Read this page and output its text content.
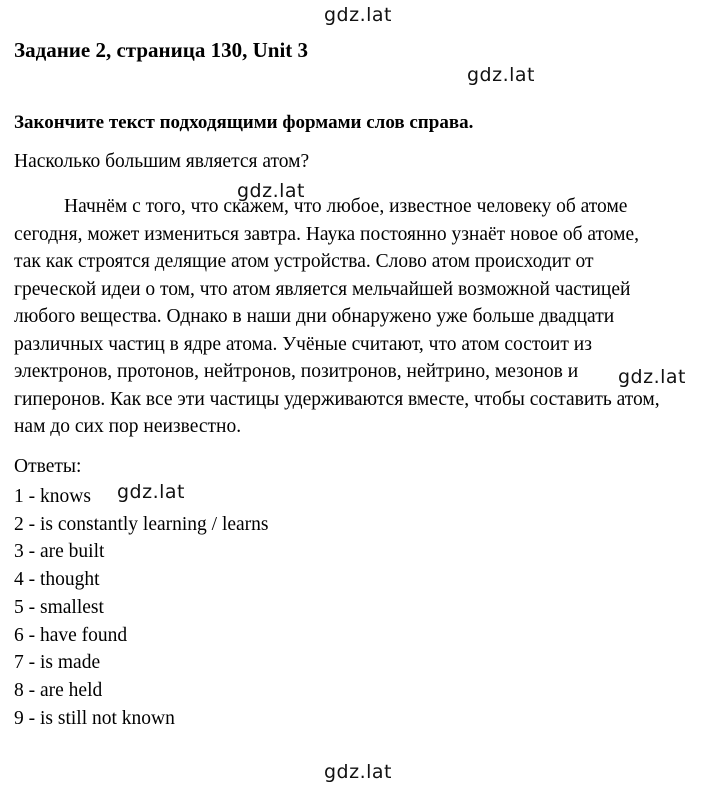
gdz.lat
gdz.lat
gdz.lat
gdz.lat
gdz.lat
gdz.lat
Задание 2, страница 130, Unit 3

Закончите текст подходящими формами слов справа.

Насколько большим является атом?

Начнём с того, что скажем, что любое, известное человеку об атоме
сегодня, может измениться завтра. Наука постоянно узнаёт новое об атоме,
так как строятся делящие атом устройства. Слово атом происходит от
греческой идеи о том, что атом является мельчайшей возможной частицей
любого вещества. Однако в наши дни обнаружено уже больше двадцати
различных частиц в ядре атома. Учёные считают, что атом состоит из
электронов, протонов, нейтронов, позитронов, нейтрино, мезонов и
гиперонов. Как все эти частицы удерживаются вместе, чтобы составить атом,
нам до сих пор неизвестно.

Ответы:

1 - knows
2 - is constantly learning / learns
3 - are built
4 - thought
5 - smallest
6 - have found
7 - is made
8 - are held
9 - is still not known
